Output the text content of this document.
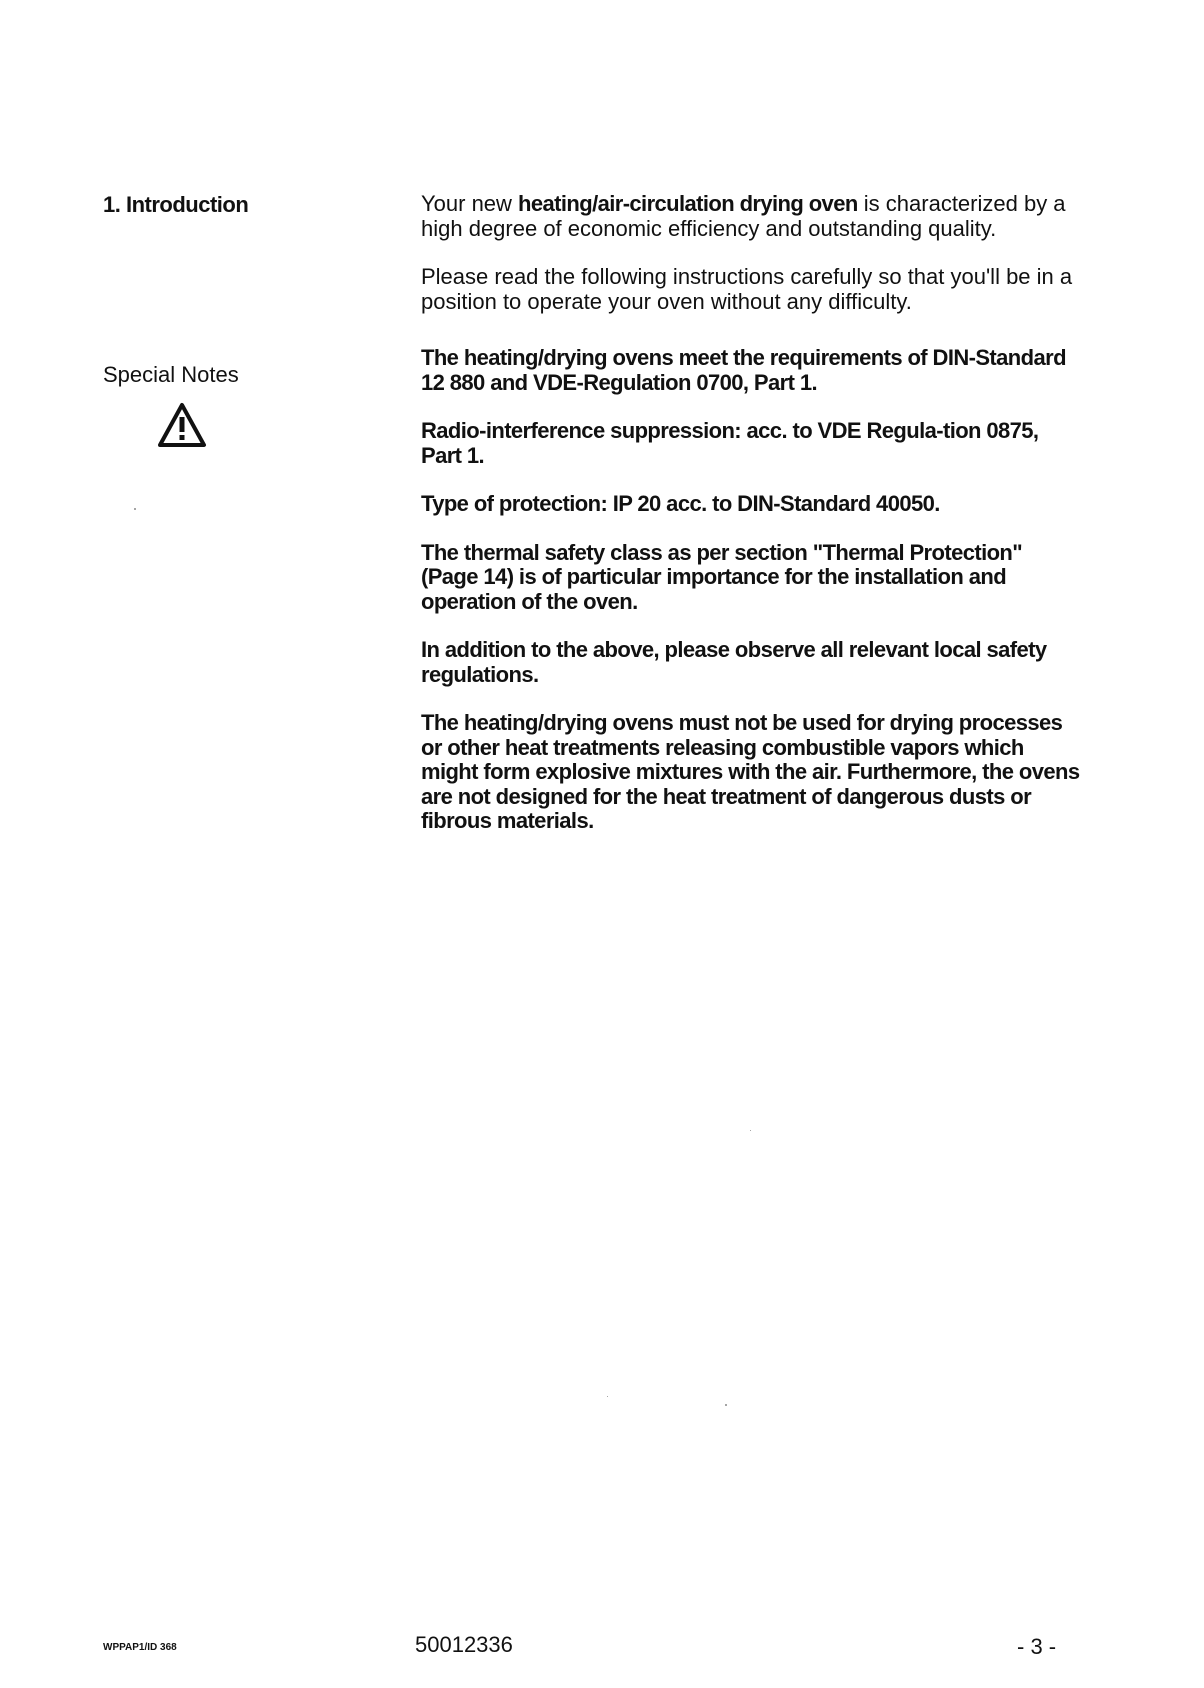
1. Introduction

Special Notes

Your new heating/air-circulation drying oven is characterized by a high degree of economic efficiency and outstanding quality.

Please read the following instructions carefully so that you'll be in a position to operate your oven without any difficulty.

The heating/drying ovens meet the requirements of DIN-Standard 12 880 and VDE-Regulation 0700, Part 1.

Radio-interference suppression: acc. to VDE Regula-tion 0875, Part 1.

Type of protection: IP 20 acc. to DIN-Standard 40050.

The thermal safety class as per section "Thermal Protection" (Page 14) is of particular importance for the installation and operation of the oven.

In addition to the above, please observe all relevant local safety regulations.

The heating/drying ovens must not be used for drying processes or other heat treatments releasing combustible vapors which might form explosive mixtures with the air. Furthermore, the ovens are not designed for the heat treatment of dangerous dusts or fibrous materials.

WPPAP1/ID 368	50012336	- 3 -
